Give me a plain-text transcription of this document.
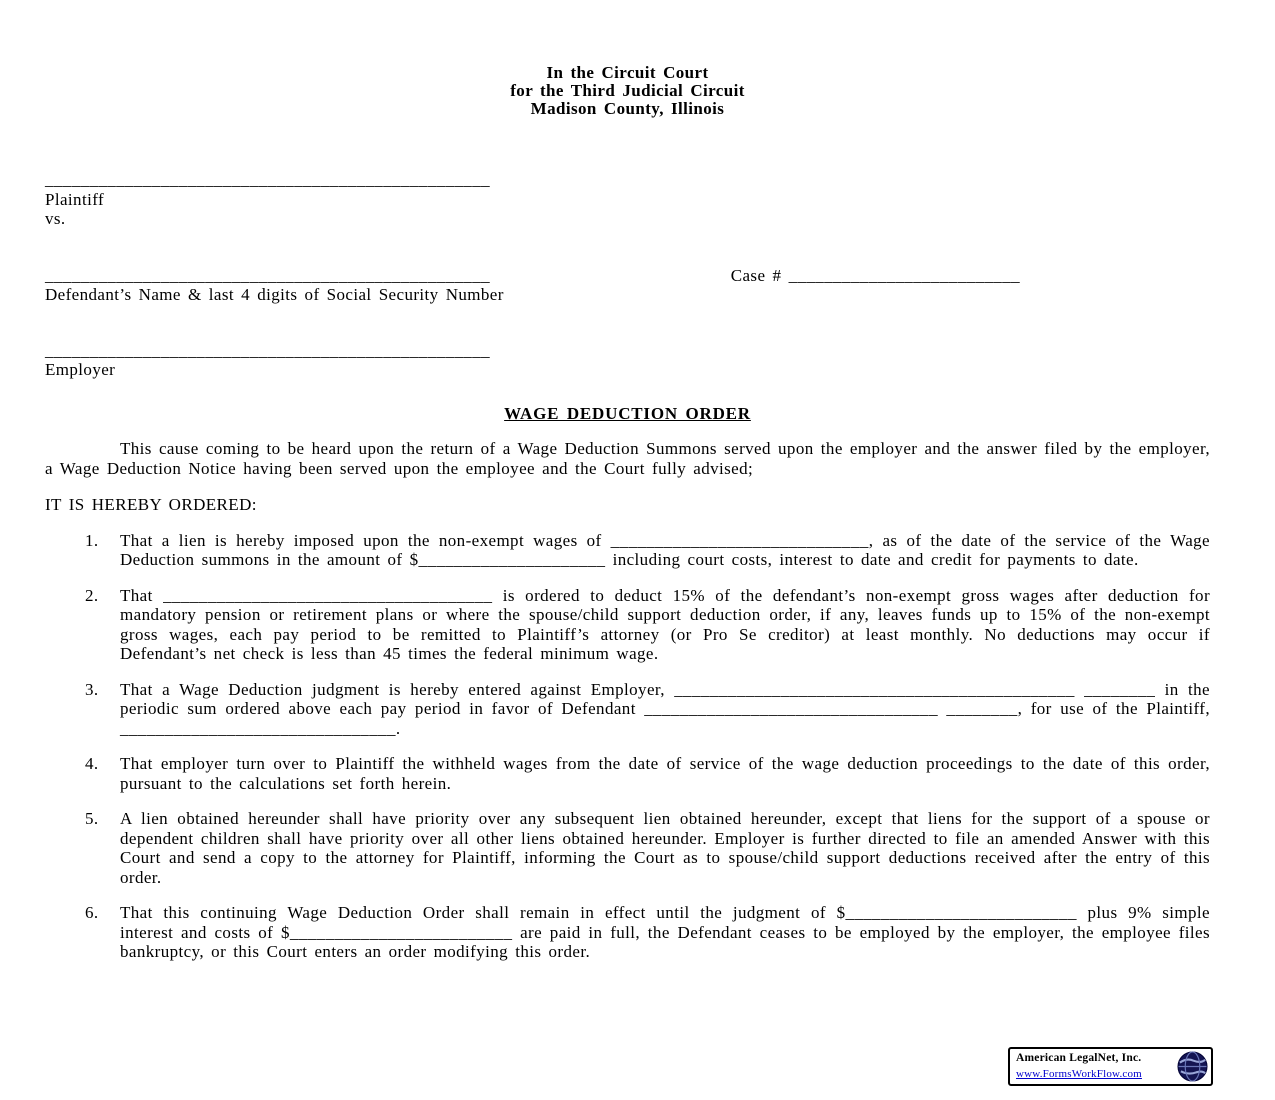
In the Circuit Court
for the Third Judicial Circuit
Madison County, Illinois
__________________________________________________
Plaintiff
vs.
__________________________________________________	Case # __________________________
Defendant’s Name & last 4 digits of Social Security Number
__________________________________________________
Employer
WAGE DEDUCTION ORDER
This cause coming to be heard upon the return of a Wage Deduction Summons served upon the employer and the answer filed by the employer, a Wage Deduction Notice having been served upon the employee and the Court fully advised;
IT IS HEREBY ORDERED:
1.	That a lien is hereby imposed upon the non-exempt wages of _____________________________, as of the date of the service of the Wage Deduction summons in the amount of $_____________________ including court costs, interest to date and credit for payments to date.
2.	That _____________________________________ is ordered to deduct 15% of the defendant’s non-exempt gross wages after deduction for mandatory pension or retirement plans or where the spouse/child support deduction order, if any, leaves funds up to 15% of the non-exempt gross wages, each pay period to be remitted to Plaintiff’s attorney (or Pro Se creditor) at least monthly. No deductions may occur if Defendant’s net check is less than 45 times the federal minimum wage.
3.	That a Wage Deduction judgment is hereby entered against Employer, _____________________________________________ ________ in the periodic sum ordered above each pay period in favor of Defendant _________________________________ ________, for use of the Plaintiff, _______________________________.
4.	That employer turn over to Plaintiff the withheld wages from the date of service of the wage deduction proceedings to the date of this order, pursuant to the calculations set forth herein.
5.	A lien obtained hereunder shall have priority over any subsequent lien obtained hereunder, except that liens for the support of a spouse or dependent children shall have priority over all other liens obtained hereunder. Employer is further directed to file an amended Answer with this Court and send a copy to the attorney for Plaintiff, informing the Court as to spouse/child support deductions received after the entry of this order.
6.	That this continuing Wage Deduction Order shall remain in effect until the judgment of $__________________________ plus 9% simple interest and costs of $_________________________ are paid in full, the Defendant ceases to be employed by the employer, the employee files bankruptcy, or this Court enters an order modifying this order.
American LegalNet, Inc.
www.FormsWorkFlow.com
